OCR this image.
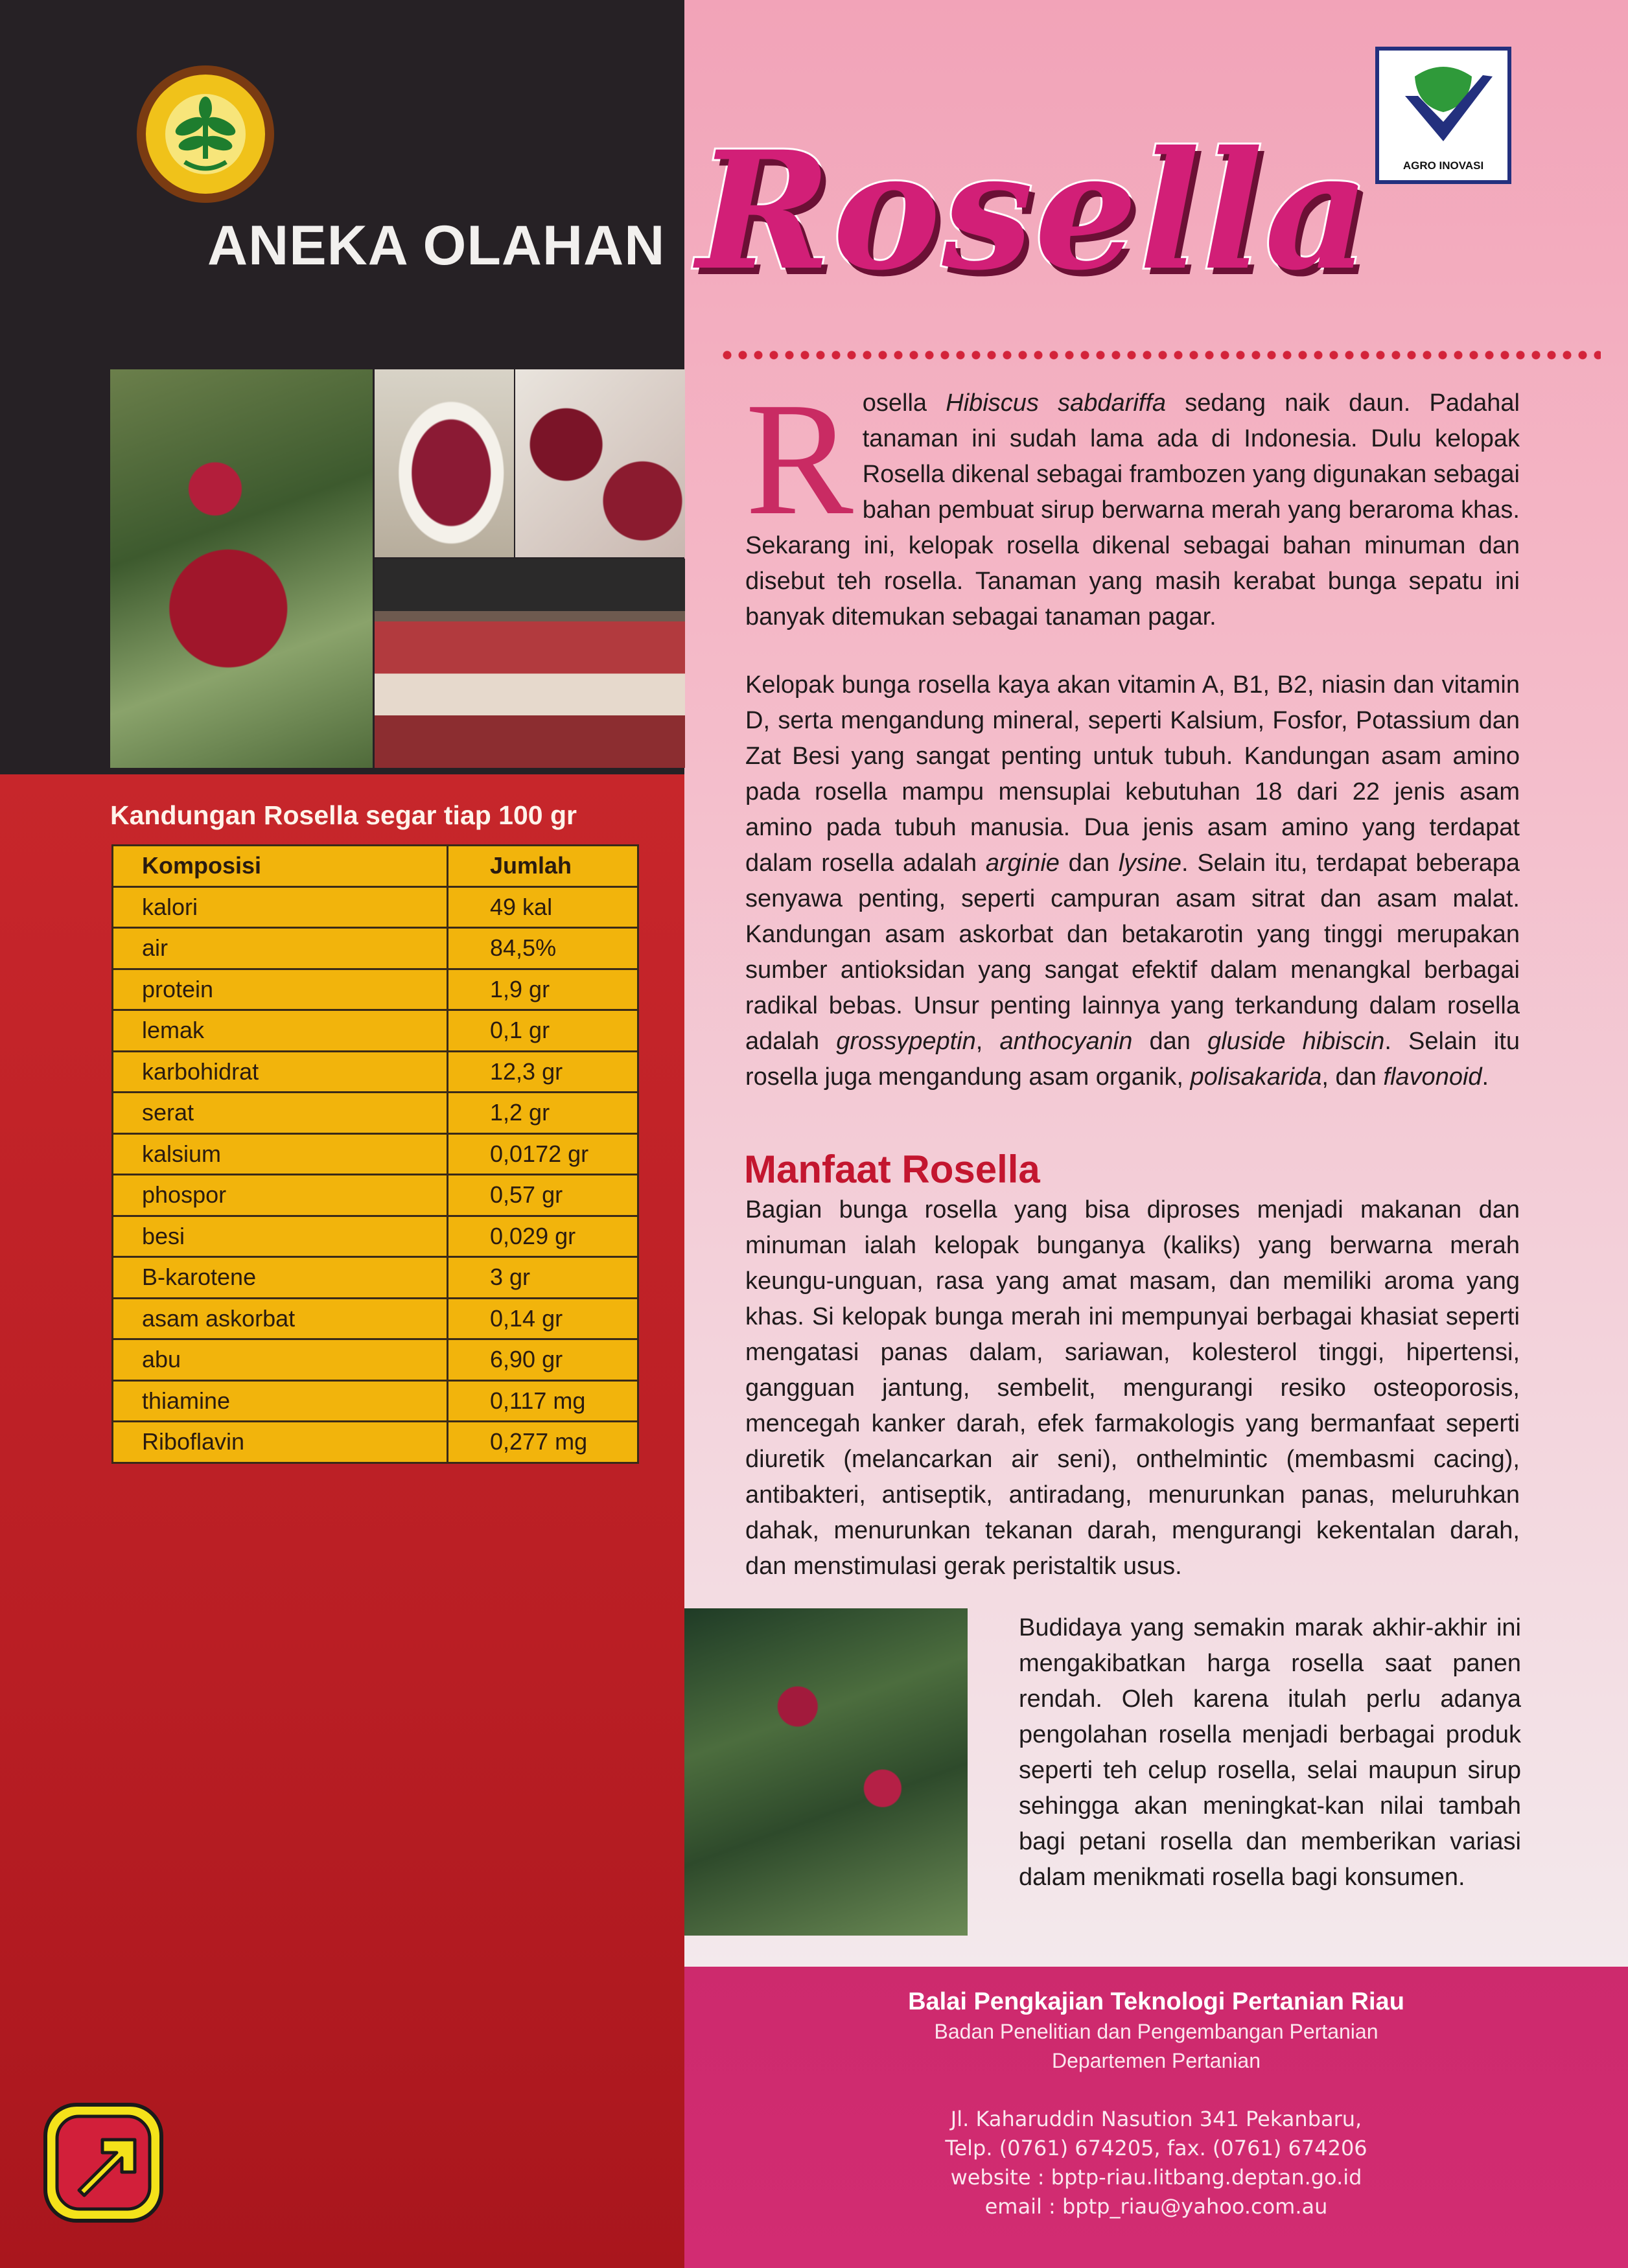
AGRO INOVASI
ANEKA OLAHAN Rosella
Kandungan Rosella segar tiap 100 gr
Komposisi	Jumlah
kalori	49 kal
air	84,5%
protein	1,9 gr
lemak	0,1 gr
karbohidrat	12,3 gr
serat	1,2 gr
kalsium	0,0172 gr
phospor	0,57 gr
besi	0,029 gr
B-karotene	3 gr
asam askorbat	0,14 gr
abu	6,90 gr
thiamine	0,117 mg
Riboflavin	0,277 mg
Rosella Hibiscus sabdariffa sedang naik daun. Padahal tanaman ini sudah lama ada di Indonesia. Dulu kelopak Rosella dikenal sebagai frambozen yang digunakan sebagai bahan pembuat sirup berwarna merah yang beraroma khas. Sekarang ini, kelopak rosella dikenal sebagai bahan minuman dan disebut teh rosella. Tanaman yang masih kerabat bunga sepatu ini banyak ditemukan sebagai tanaman pagar.
Kelopak bunga rosella kaya akan vitamin A, B1, B2, niasin dan vitamin D, serta mengandung mineral, seperti Kalsium, Fosfor, Potassium dan Zat Besi yang sangat penting untuk tubuh. Kandungan asam amino pada rosella mampu mensuplai kebutuhan 18 dari 22 jenis asam amino pada tubuh manusia. Dua jenis asam amino yang terdapat dalam rosella adalah arginie dan lysine. Selain itu, terdapat beberapa senyawa penting, seperti campuran asam sitrat dan asam malat. Kandungan asam askorbat dan betakarotin yang tinggi merupakan sumber antioksidan yang sangat efektif dalam menangkal berbagai radikal bebas. Unsur penting lainnya yang terkandung dalam rosella adalah grossypeptin, anthocyanin dan gluside hibiscin. Selain itu rosella juga mengandung asam organik, polisakarida, dan flavonoid.
Manfaat Rosella
Bagian bunga rosella yang bisa diproses menjadi makanan dan minuman ialah kelopak bunganya (kaliks) yang berwarna merah keungu-unguan, rasa yang amat masam, dan memiliki aroma yang khas. Si kelopak bunga merah ini mempunyai berbagai khasiat seperti mengatasi panas dalam, sariawan, kolesterol tinggi, hipertensi, gangguan jantung, sembelit, mengurangi resiko osteoporosis, mencegah kanker darah, efek farmakologis yang bermanfaat seperti diuretik (melancarkan air seni), onthelmintic (membasmi cacing), antibakteri, antiseptik, antiradang, menurunkan panas, meluruhkan dahak, menurunkan tekanan darah, mengurangi kekentalan darah, dan menstimulasi gerak peristaltik usus.
Budidaya yang semakin marak akhir-akhir ini mengakibatkan harga rosella saat panen rendah. Oleh karena itulah perlu adanya pengolahan rosella menjadi berbagai produk seperti teh celup rosella, selai maupun sirup sehingga akan meningkat-kan nilai tambah bagi petani rosella dan memberikan variasi dalam menikmati rosella bagi konsumen.
Balai Pengkajian Teknologi Pertanian Riau
Badan Penelitian dan Pengembangan Pertanian
Departemen Pertanian
Jl. Kaharuddin Nasution 341 Pekanbaru,
Telp. (0761) 674205, fax. (0761) 674206
website : bptp-riau.litbang.deptan.go.id
email : bptp_riau@yahoo.com.au
